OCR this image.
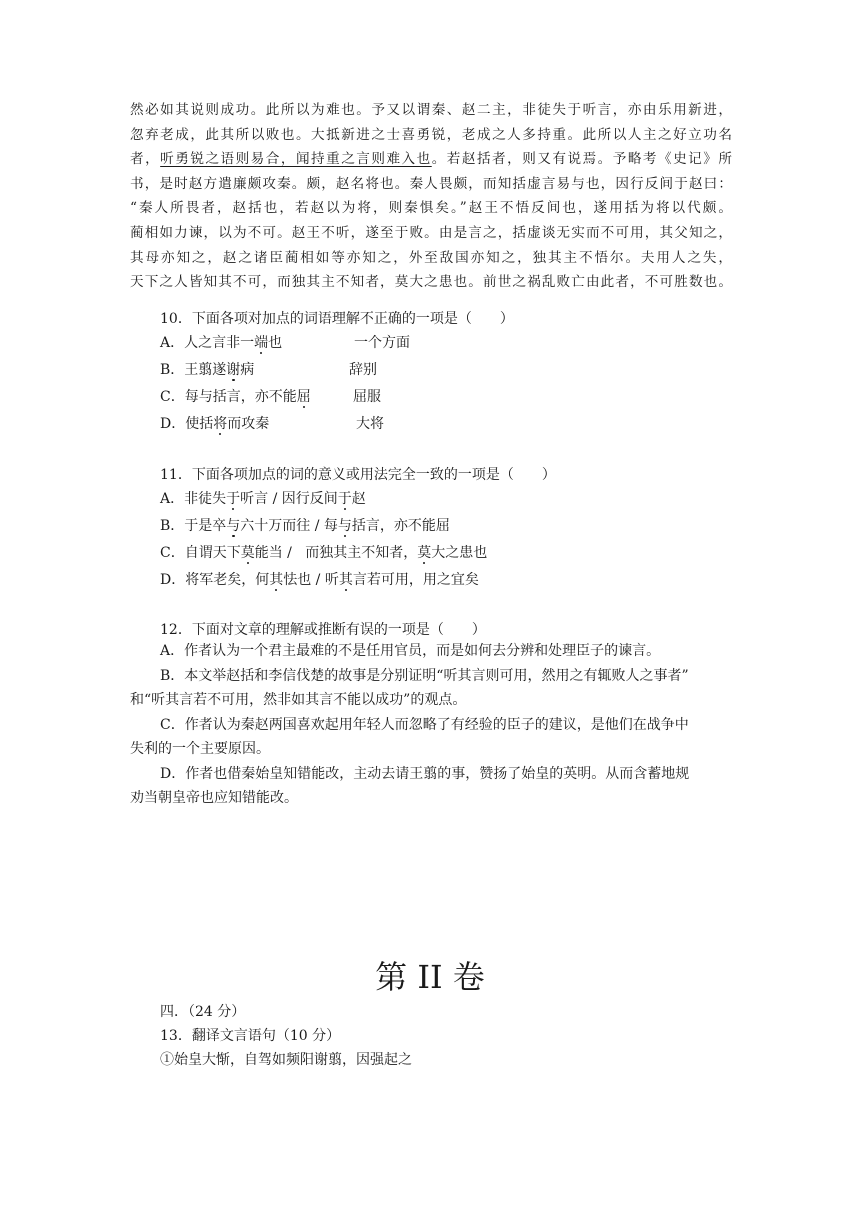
然必如其说则成功。此所以为难也。予又以谓秦、赵二主，非徒失于听言，亦由乐用新进，
忽弃老成，此其所以败也。大抵新进之士喜勇锐，老成之人多持重。此所以人主之好立功名
者，听勇锐之语则易合，闻持重之言则难入也。若赵括者，则又有说焉。予略考《史记》所
书，是时赵方遣廉颇攻秦。颇，赵名将也。秦人畏颇，而知括虚言易与也，因行反间于赵曰：
“秦人所畏者，赵括也，若赵以为将，则秦惧矣。”赵王不悟反间也，遂用括为将以代颇。
蔺相如力谏，以为不可。赵王不听，遂至于败。由是言之，括虚谈无实而不可用，其父知之，
其母亦知之，赵之诸臣蔺相如等亦知之，外至敌国亦知之，独其主不悟尔。夫用人之失，
天下之人皆知其不可，而独其主不知者，莫大之患也。前世之祸乱败亡由此者，不可胜数也。
10．下面各项对加点的词语理解不正确的一项是（　　）
A．人之言非一端也	一个方面
B．王翦遂谢病	辞别
C．每与括言，亦不能屈	屈服
D．使括将而攻秦	大将
11．下面各项加点的词的意义或用法完全一致的一项是（　　）
A．非徒失于听言 / 因行反间于赵
B．于是卒与六十万而往 / 每与括言，亦不能屈
C．自谓天下莫能当 /   而独其主不知者，莫大之患也
D．将军老矣，何其怯也 / 听其言若可用，用之宜矣
12．下面对文章的理解或推断有误的一项是（　　）
A．作者认为一个君主最难的不是任用官员，而是如何去分辨和处理臣子的谏言。
B．本文举赵括和李信伐楚的故事是分别证明“听其言则可用，然用之有辄败人之事者”
和“听其言若不可用，然非如其言不能以成功”的观点。
C．作者认为秦赵两国喜欢起用年轻人而忽略了有经验的臣子的建议，是他们在战争中
失利的一个主要原因。
D．作者也借秦始皇知错能改，主动去请王翦的事，赞扬了始皇的英明。从而含蓄地规
劝当朝皇帝也应知错能改。
第 II 卷
四．（24 分）
13．翻译文言语句（10 分）
①始皇大惭，自驾如频阳谢翦，因强起之
